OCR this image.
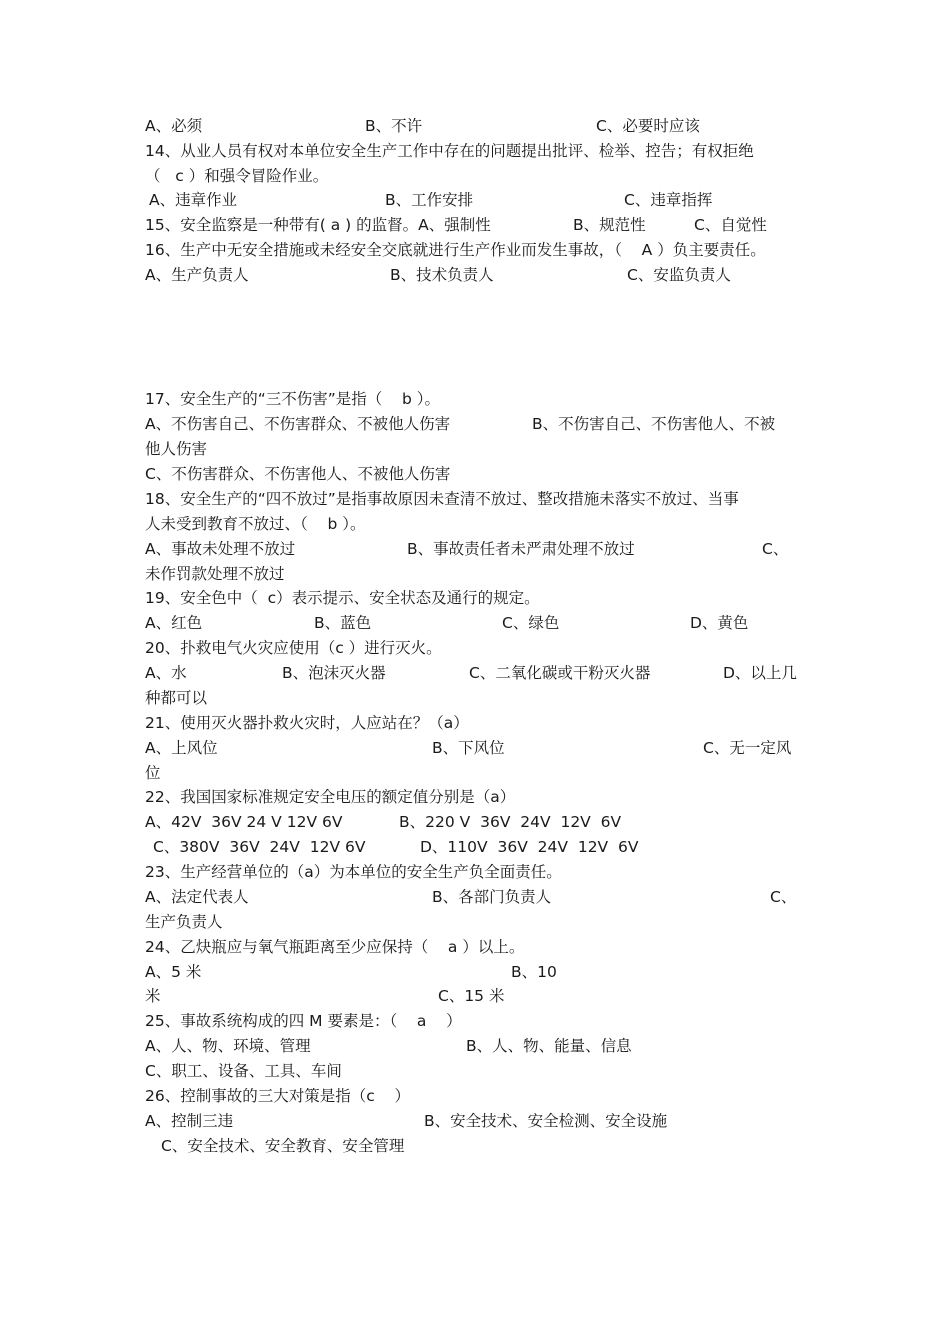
A、必须	B、不许	C、必要时应该
14、从业人员有权对本单位安全生产工作中存在的问题提出批评、检举、控告；有权拒绝
（   c ）和强令冒险作业。
A、违章作业	B、工作安排	C、违章指挥
15、安全监察是一种带有( a ) 的监督。A、强制性	B、规范性	C、自觉性
16、生产中无安全措施或未经安全交底就进行生产作业而发生事故，（    A ）负主要责任。
A、生产负责人	B、技术负责人	C、安监负责人
17、安全生产的“三不伤害”是指（    b ）。
A、不伤害自己、不伤害群众、不被他人伤害	B、不伤害自己、不伤害他人、不被
他人伤害
C、不伤害群众、不伤害他人、不被他人伤害
18、安全生产的“四不放过”是指事故原因未查清不放过、整改措施未落实不放过、当事
人未受到教育不放过、（    b ）。
A、事故未处理不放过	B、事故责任者未严肃处理不放过	C、
未作罚款处理不放过
19、安全色中（  c）表示提示、安全状态及通行的规定。
A、红色	B、蓝色	C、绿色	D、黄色
20、扑救电气火灾应使用（c ）进行灭火。
A、水	B、泡沫灭火器	C、二氧化碳或干粉灭火器	D、以上几
种都可以
21、使用灭火器扑救火灾时，人应站在？（a）
A、上风位	B、下风位	C、无一定风
位
22、我国国家标准规定安全电压的额定值分别是（a）
A、42V  36V 24 V 12V 6V	B、220 V  36V  24V  12V  6V
C、380V  36V  24V  12V 6V	D、110V  36V  24V  12V  6V
23、生产经营单位的（a）为本单位的安全生产负全面责任。
A、法定代表人	B、各部门负责人	C、
生产负责人
24、乙炔瓶应与氧气瓶距离至少应保持（    a ）以上。
A、5 米	B、10
米	C、15 米
25、事故系统构成的四 M 要素是：（    a    ）
A、人、物、环境、管理	B、人、物、能量、信息
C、职工、设备、工具、车间
26、控制事故的三大对策是指（c    ）
A、控制三违	B、安全技术、安全检测、安全设施
C、安全技术、安全教育、安全管理
